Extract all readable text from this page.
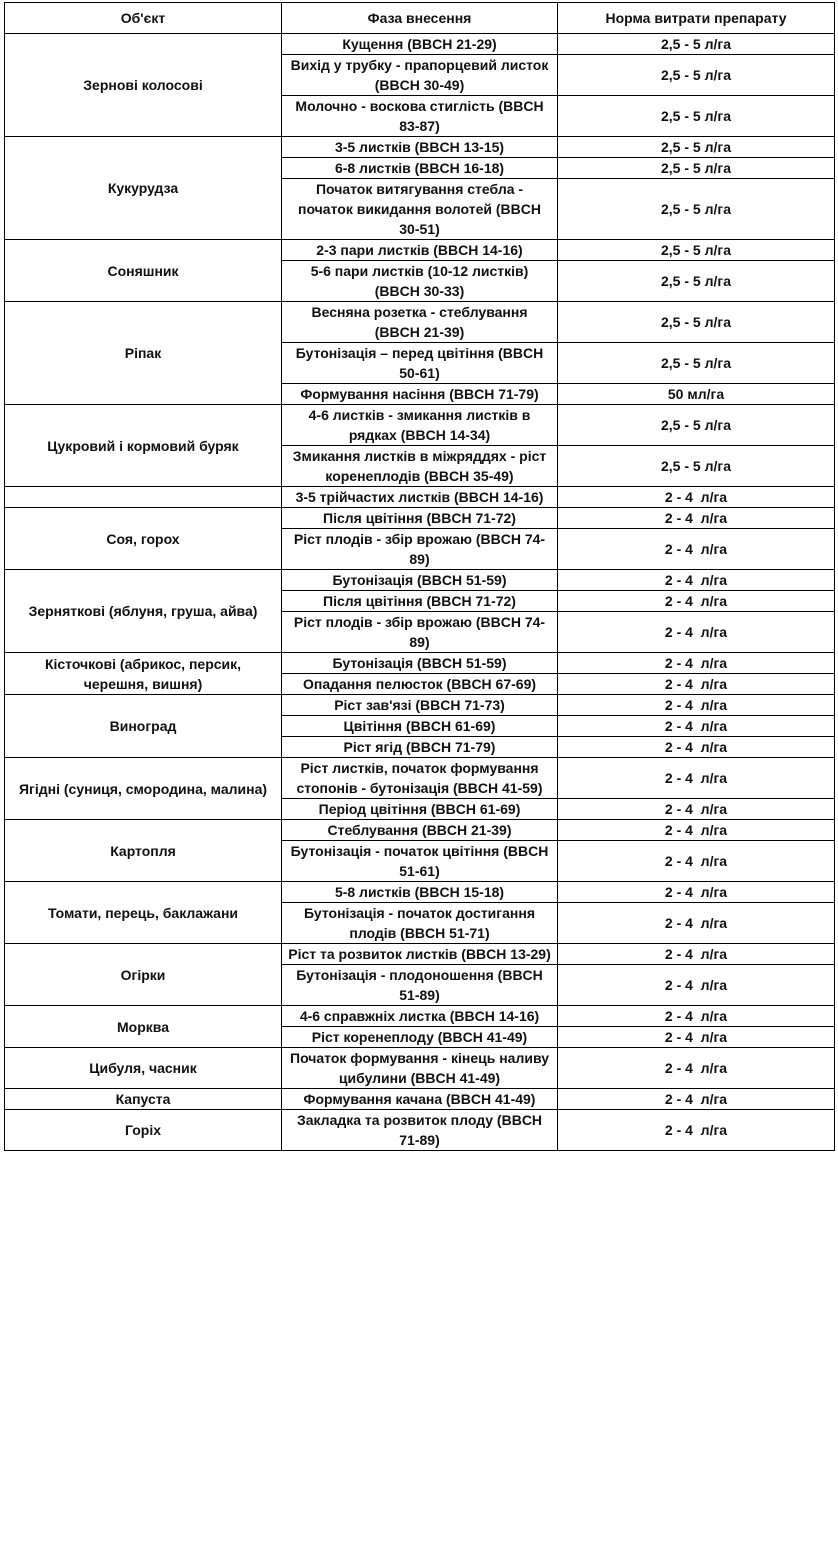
Об'єкт	Фаза внесення	Норма витрати препарату
Зернові колосові	Кущення (BBCH 21-29)	2,5 - 5 л/га
	Вихід у трубку - прапорцевий листок (BBCH 30-49)	2,5 - 5 л/га
	Молочно - воскова стиглість (BBCH 83-87)	2,5 - 5 л/га
Кукурудза	3-5 листків (BBCH 13-15)	2,5 - 5 л/га
	6-8 листків (BBCH 16-18)	2,5 - 5 л/га
	Початок витягування стебла - початок викидання волотей (BBCH 30-51)	2,5 - 5 л/га
Соняшник	2-3 пари листків (BBCH 14-16)	2,5 - 5 л/га
	5-6 пари листків (10-12 листків) (BBCH 30-33)	2,5 - 5 л/га
Ріпак	Весняна розетка - стеблування (BBCH 21-39)	2,5 - 5 л/га
	Бутонізація – перед цвітіння (BBCH 50-61)	2,5 - 5 л/га
	Формування насіння (BBCH 71-79)	50 мл/га
Цукровий і кормовий буряк	4-6 листків - змикання листків в рядках (BBCH 14-34)	2,5 - 5 л/га
	Змикання листків в міжряддях - ріст коренеплодів (BBCH 35-49)	2,5 - 5 л/га
	3-5 трійчастих листків (BBCH 14-16)	2 - 4  л/га
Соя, горох	Після цвітіння (BBCH 71-72)	2 - 4  л/га
	Ріст плодів - збір врожаю (BBCH 74-89)	2 - 4  л/га
Зерняткові (яблуня, груша, айва)	Бутонізація (BBCH 51-59)	2 - 4  л/га
	Після цвітіння (BBCH 71-72)	2 - 4  л/га
	Ріст плодів - збір врожаю (BBCH 74-89)	2 - 4  л/га
Кісточкові (абрикос, персик, черешня, вишня)	Бутонізація (BBCH 51-59)	2 - 4  л/га
	Опадання пелюсток (BBCH 67-69)	2 - 4  л/га
Виноград	Ріст зав'язі (BBCH 71-73)	2 - 4  л/га
	Цвітіння (BBCH 61-69)	2 - 4  л/га
	Ріст ягід (BBCH 71-79)	2 - 4  л/га
Ягідні (суниця, смородина, малина)	Ріст листків, початок формування стопонів - бутонізація (BBCH 41-59)	2 - 4  л/га
	Період цвітіння (BBCH 61-69)	2 - 4  л/га
Картопля	Стеблування (BBCH 21-39)	2 - 4  л/га
	Бутонізація - початок цвітіння (BBCH 51-61)	2 - 4  л/га
Томати, перець, баклажани	5-8 листків (BBCH 15-18)	2 - 4  л/га
	Бутонізація - початок достигання плодів (BBCH 51-71)	2 - 4  л/га
Огірки	Ріст та розвиток листків (BBCH 13-29)	2 - 4  л/га
	Бутонізація - плодоношення (BBCH 51-89)	2 - 4  л/га
Морква	4-6 справжніх листка (BBCH 14-16)	2 - 4  л/га
	Ріст коренеплоду (BBCH 41-49)	2 - 4  л/га
Цибуля, часник	Початок формування - кінець наливу цибулини (BBCH 41-49)	2 - 4  л/га
Капуста	Формування качана (BBCH 41-49)	2 - 4  л/га
Горіх	Закладка та розвиток плоду (BBCH 71-89)	2 - 4  л/га
